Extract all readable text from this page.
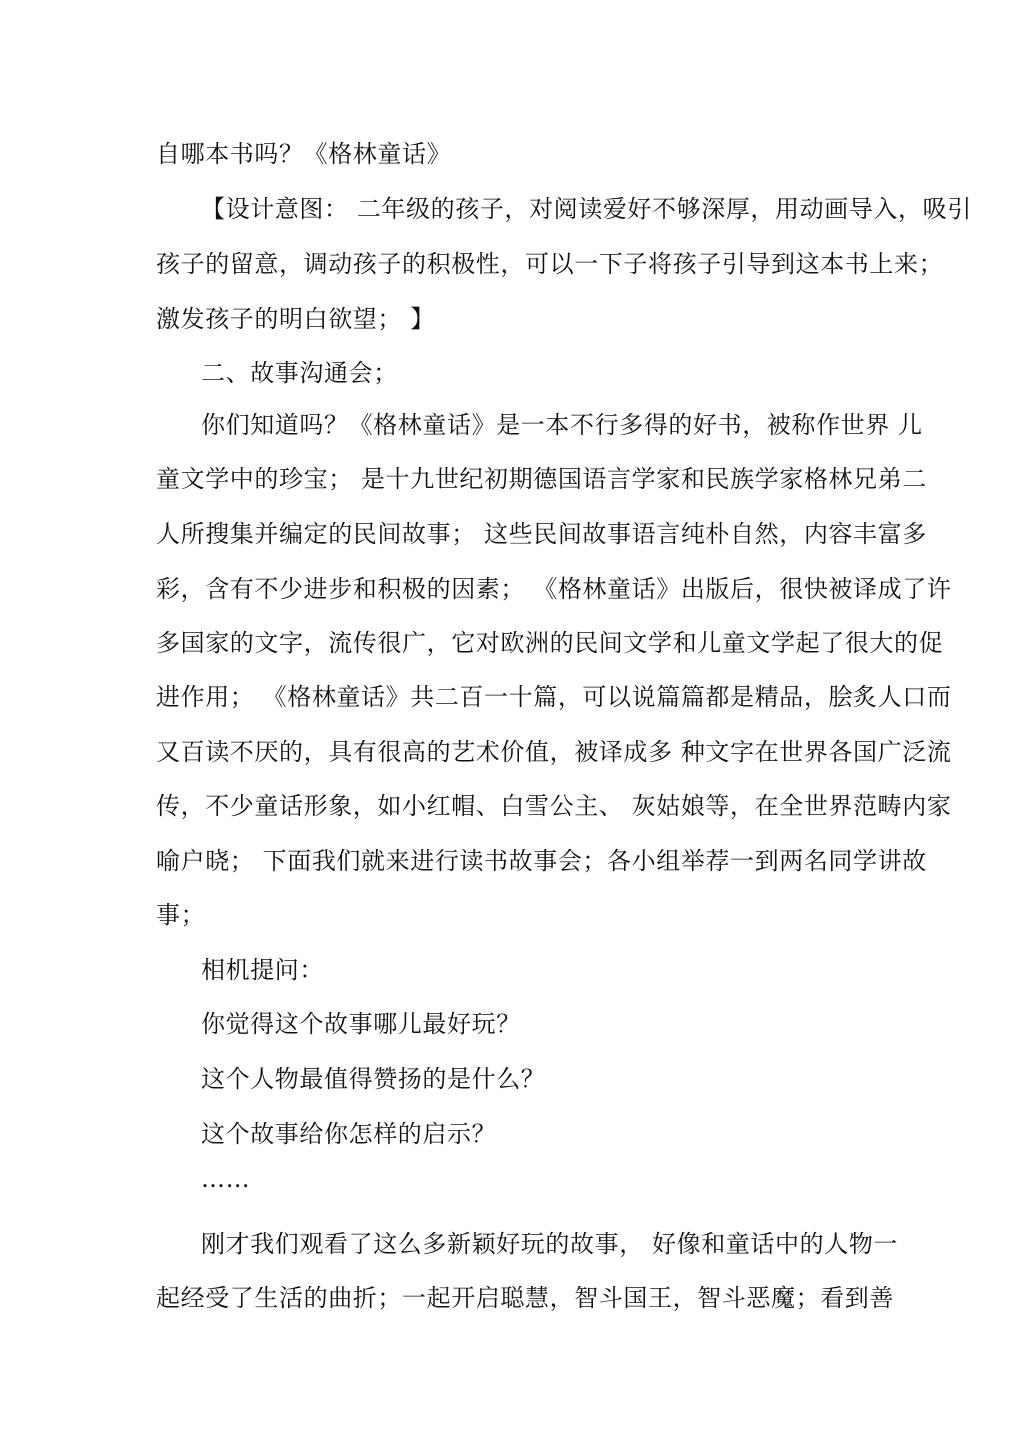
自哪本书吗？《格林童话》
【设计意图： 二年级的孩子，对阅读爱好不够深厚，用动画导入，吸引
孩子的留意，调动孩子的积极性，可以一下子将孩子引导到这本书上来；
激发孩子的明白欲望； 】
二、故事沟通会；
你们知道吗？《格林童话》是一本不行多得的好书，被称作世界 儿
童文学中的珍宝； 是十九世纪初期德国语言学家和民族学家格林兄弟二
人所搜集并编定的民间故事； 这些民间故事语言纯朴自然，内容丰富多
彩，含有不少进步和积极的因素； 《格林童话》出版后，很快被译成了许
多国家的文字，流传很广，它对欧洲的民间文学和儿童文学起了很大的促
进作用； 《格林童话》共二百一十篇，可以说篇篇都是精品，脍炙人口而
又百读不厌的，具有很高的艺术价值，被译成多 种文字在世界各国广泛流
传，不少童话形象，如小红帽、白雪公主、 灰姑娘等，在全世界范畴内家
喻户晓； 下面我们就来进行读书故事会；各小组举荐一到两名同学讲故
事；
相机提问：
你觉得这个故事哪儿最好玩？
这个人物最值得赞扬的是什么？
这个故事给你怎样的启示？
……
刚才我们观看了这么多新颖好玩的故事， 好像和童话中的人物一
起经受了生活的曲折；一起开启聪慧，智斗国王，智斗恶魔；看到善
